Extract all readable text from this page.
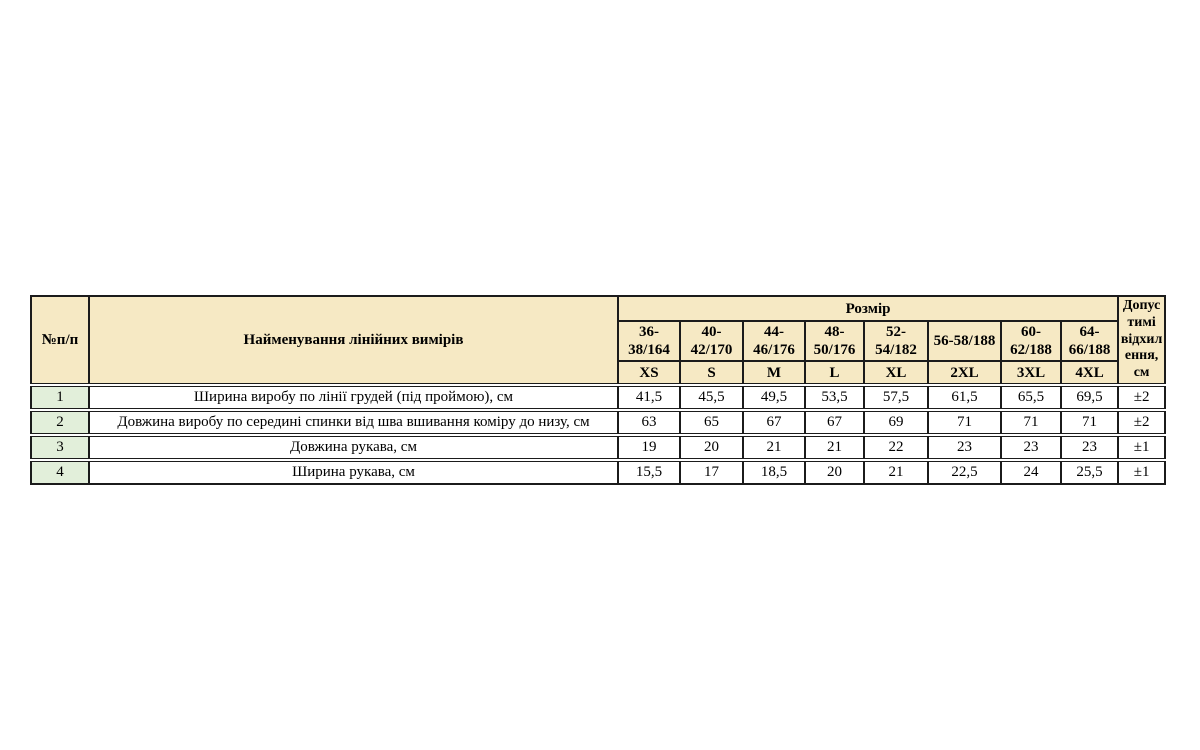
№п/п	Найменування лінійних вимірів	Розмір								Допустимі відхилення, см
		36-38/164	40-42/170	44-46/176	48-50/176	52-54/182	56-58/188	60-62/188	64-66/188	
		XS	S	M	L	XL	2XL	3XL	4XL	
1	Ширина виробу по лінії грудей (під проймою), см	41,5	45,5	49,5	53,5	57,5	61,5	65,5	69,5	±2
2	Довжина виробу по середині спинки від шва вшивання коміру до низу, см	63	65	67	67	69	71	71	71	±2
3	Довжина рукава, см	19	20	21	21	22	23	23	23	±1
4	Ширина рукава, см	15,5	17	18,5	20	21	22,5	24	25,5	±1
